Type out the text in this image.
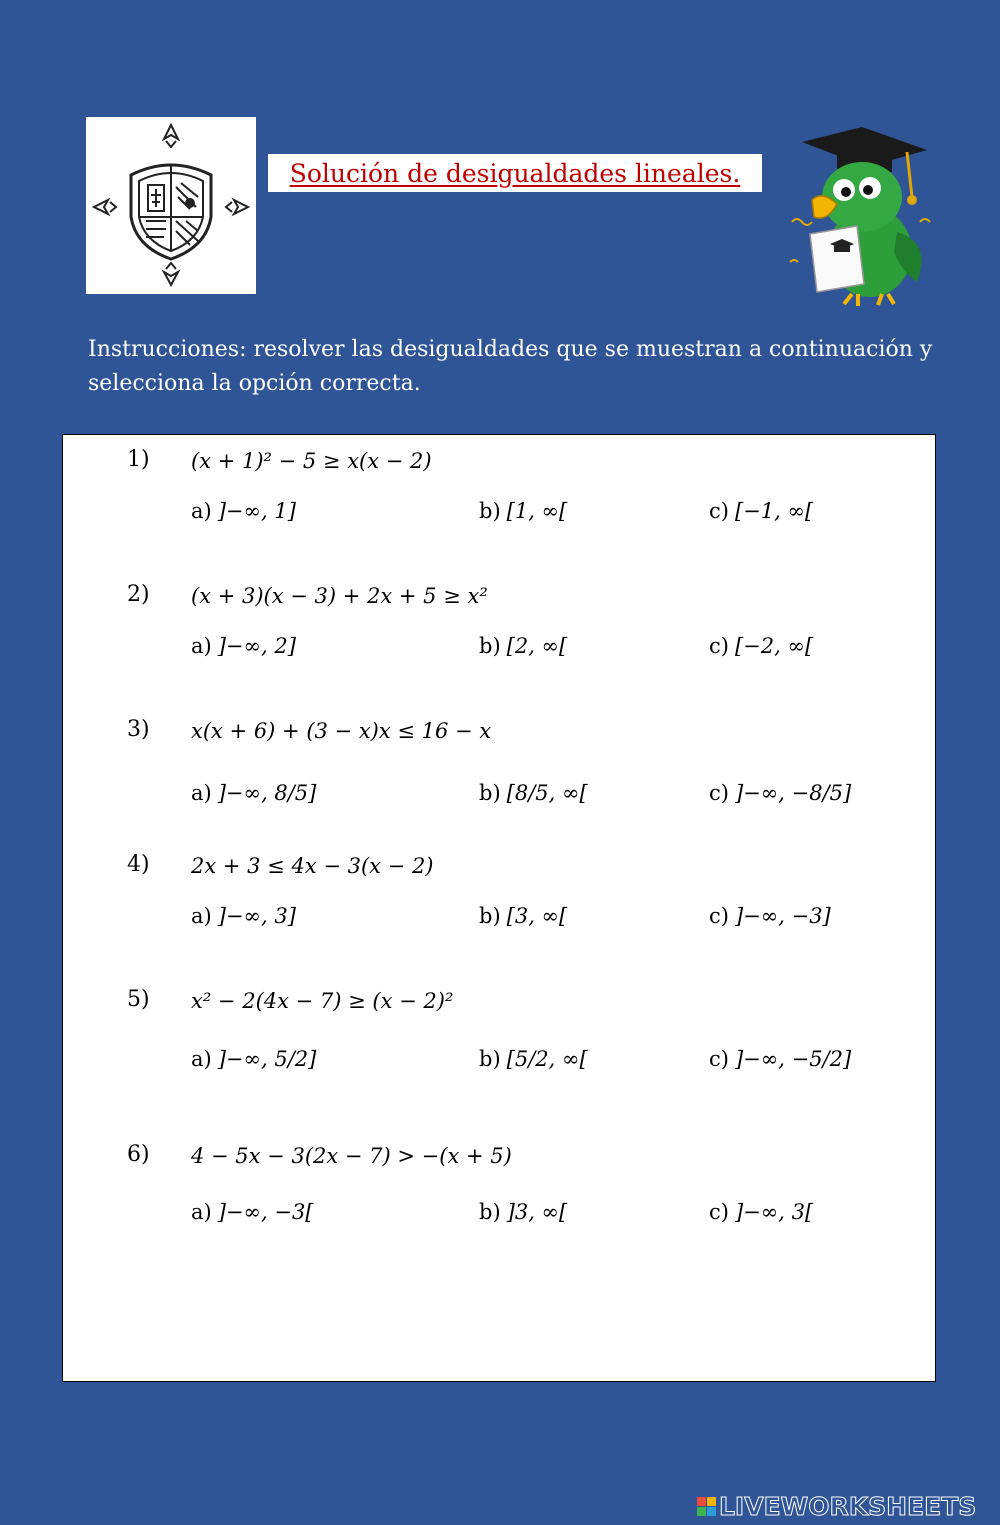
Solución de desigualdades lineales.
Instrucciones: resolver las desigualdades que se muestran a continuación y selecciona la opción correcta.
1) (x + 1)² − 5 ≥ x(x − 2)
a) ]−∞, 1]	b) [1, ∞[	c) [−1, ∞[
2) (x + 3)(x − 3) + 2x + 5 ≥ x²
a) ]−∞, 2]	b) [2, ∞[	c) [−2, ∞[
3) x(x + 6) + (3 − x)x ≤ 16 − x
a) ]−∞, 8/5]	b) [8/5, ∞[	c) ]−∞, −8/5]
4) 2x + 3 ≤ 4x − 3(x − 2)
a) ]−∞, 3]	b) [3, ∞[	c) ]−∞, −3]
5) x² − 2(4x − 7) ≥ (x − 2)²
a) ]−∞, 5/2]	b) [5/2, ∞[	c) ]−∞, −5/2]
6) 4 − 5x − 3(2x − 7) > −(x + 5)
a) ]−∞, −3[	b) ]3, ∞[	c) ]−∞, 3[
LIVEWORKSHEETS
